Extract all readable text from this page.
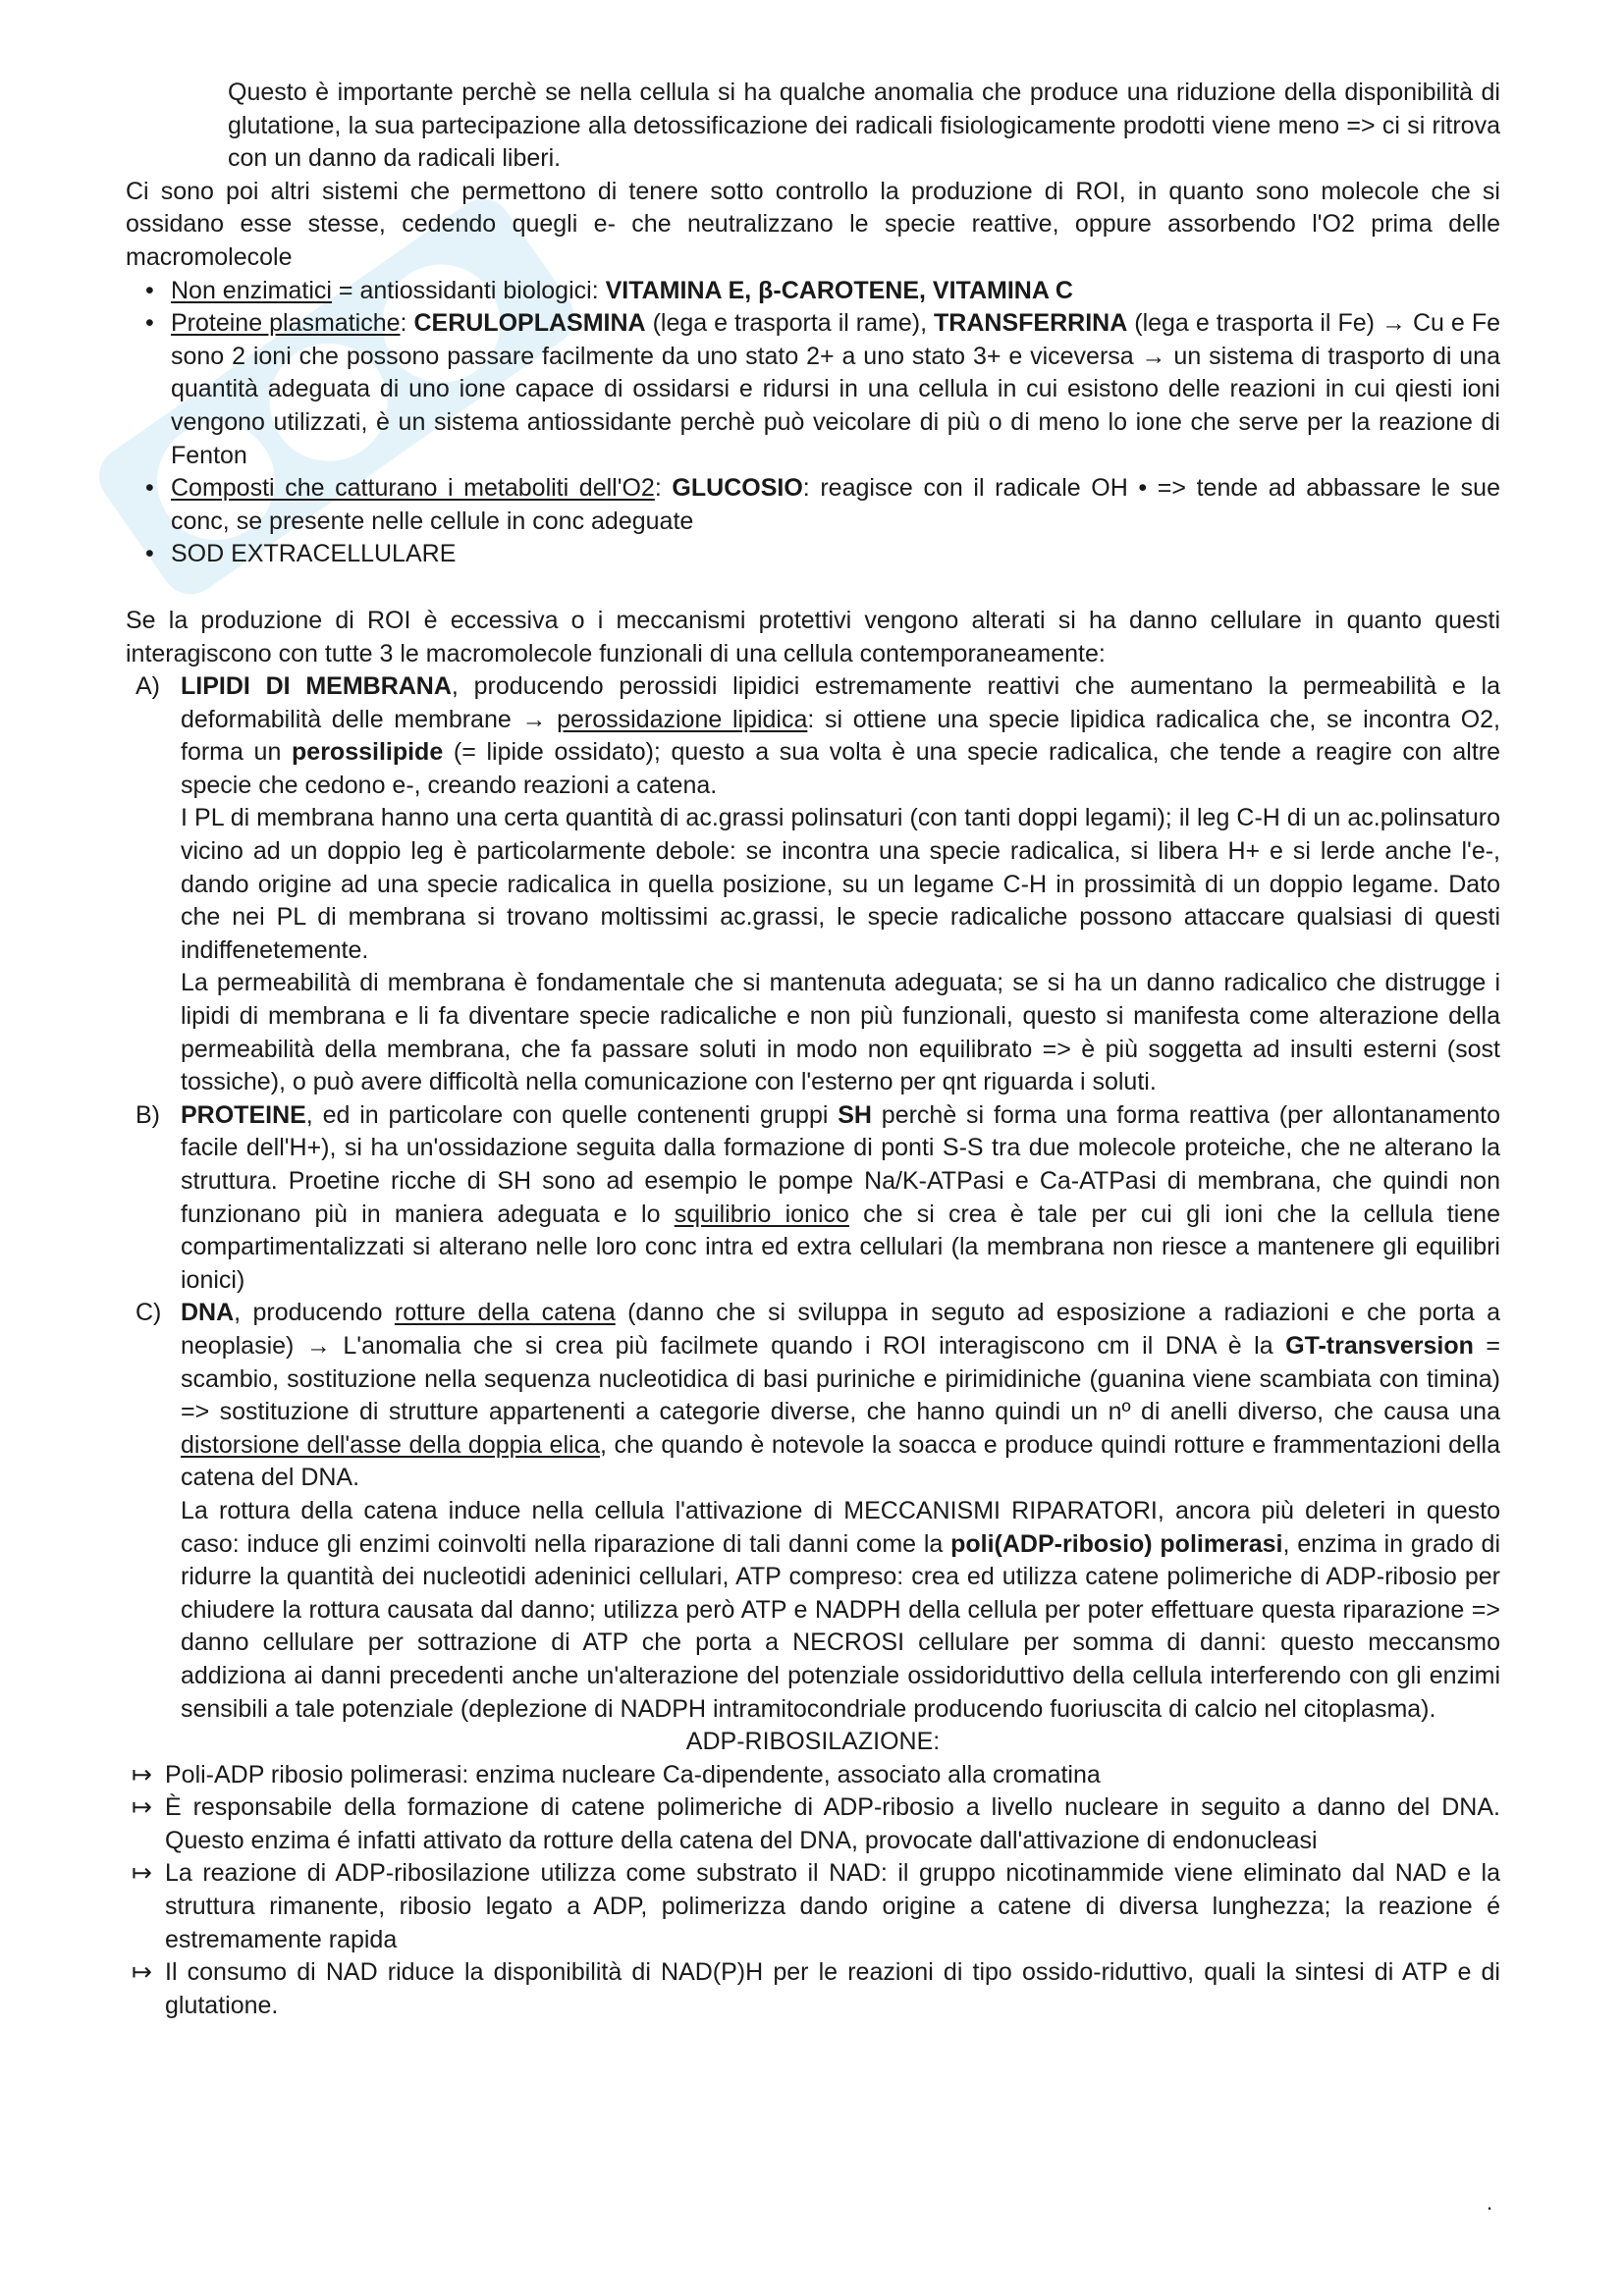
Questo è importante perchè se nella cellula si ha qualche anomalia che produce una riduzione della disponibilità di glutatione, la sua partecipazione alla detossificazione dei radicali fisiologicamente prodotti viene meno => ci si ritrova con un danno da radicali liberi.

Ci sono poi altri sistemi che permettono di tenere sotto controllo la produzione di ROI, in quanto sono molecole che si ossidano esse stesse, cedendo quegli e- che neutralizzano le specie reattive, oppure assorbendo l'O2 prima delle macromolecole

• Non enzimatici = antiossidanti biologici: VITAMINA E, β-CAROTENE, VITAMINA C
• Proteine plasmatiche: CERULOPLASMINA (lega e trasporta il rame), TRANSFERRINA (lega e trasporta il Fe) → Cu e Fe sono 2 ioni che possono passare facilmente da uno stato 2+ a uno stato 3+ e viceversa → un sistema di trasporto di una quantità adeguata di uno ione capace di ossidarsi e ridursi in una cellula in cui esistono delle reazioni in cui qiesti ioni vengono utilizzati, è un sistema antiossidante perchè può veicolare di più o di meno lo ione che serve per la reazione di Fenton
• Composti che catturano i metaboliti dell'O2: GLUCOSIO: reagisce con il radicale OH • => tende ad abbassare le sue conc, se presente nelle cellule in conc adeguate
• SOD EXTRACELLULARE

Se la produzione di ROI è eccessiva o i meccanismi protettivi vengono alterati si ha danno cellulare in quanto questi interagiscono con tutte 3 le macromolecole funzionali di una cellula contemporaneamente:

A) LIPIDI DI MEMBRANA, producendo perossidi lipidici estremamente reattivi che aumentano la permeabilità e la deformabilità delle membrane → perossidazione lipidica: si ottiene una specie lipidica radicalica che, se incontra O2, forma un perossilipide (= lipide ossidato); questo a sua volta è una specie radicalica, che tende a reagire con altre specie che cedono e-, creando reazioni a catena.

I PL di membrana hanno una certa quantità di ac.grassi polinsaturi (con tanti doppi legami); il leg C-H di un ac.polinsaturo vicino ad un doppio leg è particolarmente debole: se incontra una specie radicalica, si libera H+ e si lerde anche l'e-, dando origine ad una specie radicalica in quella posizione, su un legame C-H in prossimità di un doppio legame. Dato che nei PL di membrana si trovano moltissimi ac.grassi, le specie radicaliche possono attaccare qualsiasi di questi indiffenetemente.

La permeabilità di membrana è fondamentale che si mantenuta adeguata; se si ha un danno radicalico che distrugge i lipidi di membrana e li fa diventare specie radicaliche e non più funzionali, questo si manifesta come alterazione della permeabilità della membrana, che fa passare soluti in modo non equilibrato => è più soggetta ad insulti esterni (sost tossiche), o può avere difficoltà nella comunicazione con l'esterno per qnt riguarda i soluti.

B) PROTEINE, ed in particolare con quelle contenenti gruppi SH perchè si forma una forma reattiva (per allontanamento facile dell'H+), si ha un'ossidazione seguita dalla formazione di ponti S-S tra due molecole proteiche, che ne alterano la struttura. Proetine ricche di SH sono ad esempio le pompe Na/K-ATPasi e Ca-ATPasi di membrana, che quindi non funzionano più in maniera adeguata e lo squilibrio ionico che si crea è tale per cui gli ioni che la cellula tiene compartimentalizzati si alterano nelle loro conc intra ed extra cellulari (la membrana non riesce a mantenere gli equilibri ionici)

C) DNA, producendo rotture della catena (danno che si sviluppa in seguto ad esposizione a radiazioni e che porta a neoplasie) → L'anomalia che si crea più facilmete quando i ROI interagiscono cm il DNA è la GT-transversion = scambio, sostituzione nella sequenza nucleotidica di basi puriniche e pirimidiniche (guanina viene scambiata con timina) => sostituzione di strutture appartenenti a categorie diverse, che hanno quindi un nº di anelli diverso, che causa una distorsione dell'asse della doppia elica, che quando è notevole la soacca e produce quindi rotture e frammentazioni della catena del DNA.

La rottura della catena induce nella cellula l'attivazione di MECCANISMI RIPARATORI, ancora più deleteri in questo caso: induce gli enzimi coinvolti nella riparazione di tali danni come la poli(ADP-ribosio) polimerasi, enzima in grado di ridurre la quantità dei nucleotidi adeninici cellulari, ATP compreso: crea ed utilizza catene polimeriche di ADP-ribosio per chiudere la rottura causata dal danno; utilizza però ATP e NADPH della cellula per poter effettuare questa riparazione => danno cellulare per sottrazione di ATP che porta a NECROSI cellulare per somma di danni: questo meccansmo addiziona ai danni precedenti anche un'alterazione del potenziale ossidoriduttivo della cellula interferendo con gli enzimi sensibili a tale potenziale (deplezione di NADPH intramitocondriale producendo fuoriuscita di calcio nel citoplasma).

ADP-RIBOSILAZIONE:

↦ Poli-ADP ribosio polimerasi: enzima nucleare Ca-dipendente, associato alla cromatina
↦ È responsabile della formazione di catene polimeriche di ADP-ribosio a livello nucleare in seguito a danno del DNA. Questo enzima é infatti attivato da rotture della catena del DNA, provocate dall'attivazione di endonucleasi
↦ La reazione di ADP-ribosilazione utilizza come substrato il NAD: il gruppo nicotinammide viene eliminato dal NAD e la struttura rimanente, ribosio legato a ADP, polimerizza dando origine a catene di diversa lunghezza; la reazione é estremamente rapida
↦ Il consumo di NAD riduce la disponibilità di NAD(P)H per le reazioni di tipo ossido-riduttivo, quali la sintesi di ATP e di glutatione.
.
